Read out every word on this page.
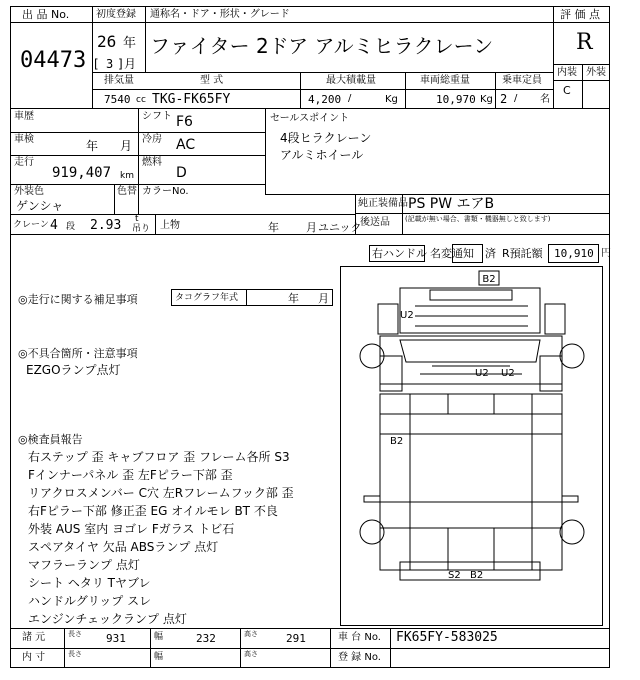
出 品 No.	初度登録 通称名・ドア・形状・グレード	評 価 点
04473
26 年
[ 3 ] 月
ファイター 2ドア アルミヒラクレーン	R
内装 外装
C
排気量	型 式	最大積載量	車両総重量	乗車定員
7540 cc TKG-FK65FY	4,200 /	Kg	10,970 Kg 2 / 名
車歴	シフト F6
車検	年 月 冷房 AC
走行
919,407 km
燃料
D
外装色
ゲンシャ
色替 カラーNo.
セールスポイント
4段ヒラクレーン
アルミホイール
純正装備品 PS PW エアB
後送品 (記載が無い場合、書類・機器無しと致します)
クレーン 4 段 2.93 t
吊り 上物	年 月 ユニック
右ハンドル 名変通知 済 R預託額 10,910 円
◎走行に関する補足事項	タコグラフ年式	年 月
◎不具合箇所・注意事項
EZGOランプ点灯
◎検査員報告
右ステップ 歪 キャブフロア 歪 フレーム各所 S3
Fインナーパネル 歪 左Fピラー下部 歪
リアクロスメンバー C穴 左Rフレームフック部 歪
右Fピラー下部 修正歪 EG オイルモレ BT 不良
外装 AUS 室内 ヨゴレ Fガラス トビ石
スペアタイヤ 欠品 ABSランプ 点灯
マフラーランプ 点灯
シート ヘタリ Tヤブレ
ハンドルグリップ スレ
エンジンチェックランプ 点灯
B2
U2
U2 U2
B2
S2 B2
諸 元	長さ 931	幅	232	高さ	291	車 台 No. FK65FY-583025
内 寸	長さ	幅	高さ	登 録 No.
